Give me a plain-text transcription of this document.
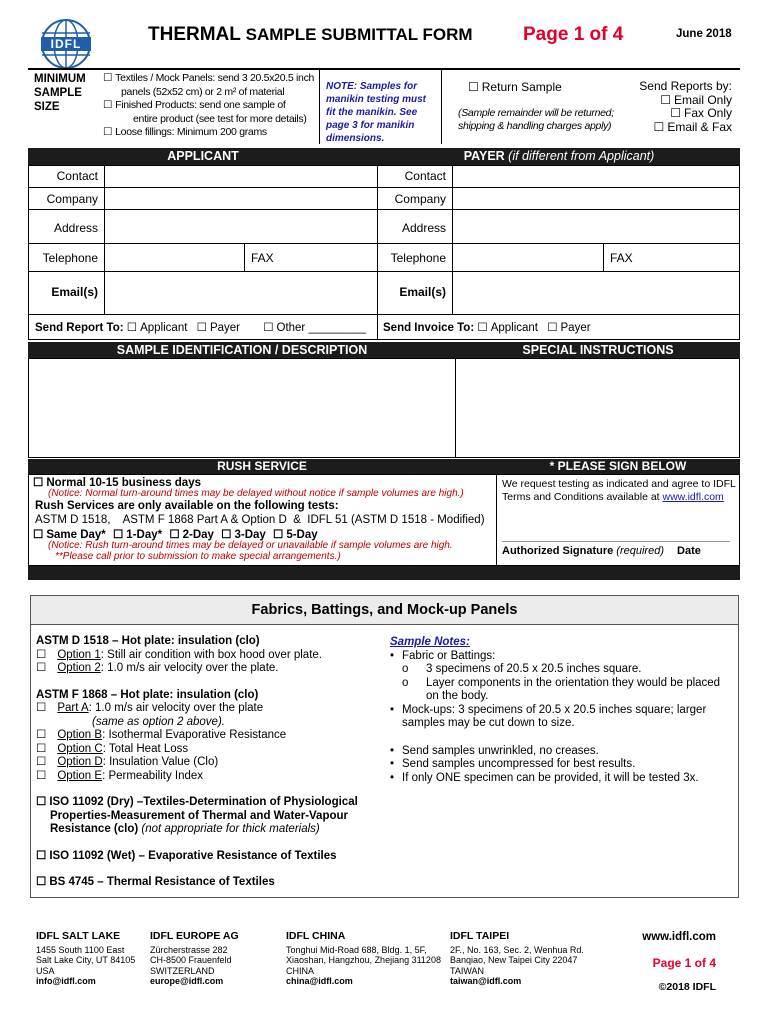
IDFL	THERMAL SAMPLE SUBMITTAL FORM	Page 1 of 4	June 2018
MINIMUM
SAMPLE
SIZE
☐ Textiles / Mock Panels: send 3 20.5x20.5 inch
panels (52x52 cm) or 2 m² of material
☐ Finished Products: send one sample of
entire product (see test for more details)
☐ Loose fillings: Minimum 200 grams
NOTE: Samples for manikin testing must fit the manikin. See page 3 for manikin dimensions.
☐ Return Sample
(Sample remainder will be returned; shipping & handling charges apply)
Send Reports by:
☐ Email Only
☐ Fax Only
☐ Email & Fax
APPLICANT	PAYER (if different from Applicant)
Contact
Company
Address
Telephone	FAX
Email(s)
Send Report To: ☐ Applicant ☐ Payer ☐	Other _________
Contact
Company
Address
Telephone	FAX
Email(s)
Send Invoice To: ☐ Applicant ☐ Payer
SAMPLE IDENTIFICATION / DESCRIPTION	SPECIAL INSTRUCTIONS
RUSH SERVICE	* PLEASE SIGN BELOW
☐ Normal 10-15 business days
(Notice: Normal turn-around times may be delayed without notice if sample volumes are high.)
Rush Services are only available on the following tests:
ASTM D 1518,    ASTM F 1868 Part A & Option D  &  IDFL 51 (ASTM D 1518 - Modified)
☐ Same Day* ☐ 1-Day* ☐ 2-Day ☐ 3-Day ☐ 5-Day
(Notice: Rush turn-around times may be delayed or unavailable if sample volumes are high.
**Please call prior to submission to make special arrangements.)
We request testing as indicated and agree to IDFL
Terms and Conditions available at www.idfl.com
Authorized Signature (required) Date
Fabrics, Battings, and Mock-up Panels
ASTM D 1518 – Hot plate: insulation (clo)
☐ Option 1: Still air condition with box hood over plate.
☐ Option 2: 1.0 m/s air velocity over the plate.
ASTM F 1868 – Hot plate: insulation (clo)
☐ Part A: 1.0 m/s air velocity over the plate
(same as option 2 above).
☐ Option B: Isothermal Evaporative Resistance
☐ Option C: Total Heat Loss
☐ Option D: Insulation Value (Clo)
☐ Option E: Permeability Index
☐ ISO 11092 (Dry) –Textiles-Determination of Physiological
Properties-Measurement of Thermal and Water-Vapour
Resistance (clo) (not appropriate for thick materials)
☐ ISO 11092 (Wet) – Evaporative Resistance of Textiles
☐ BS 4745 – Thermal Resistance of Textiles
Sample Notes:
• Fabric or Battings:
o	3 specimens of 20.5 x 20.5 inches square.
o	Layer components in the orientation they would be placed on the body.
• Mock-ups: 3 specimens of 20.5 x 20.5 inches square; larger samples may be cut down to size.
• Send samples unwrinkled, no creases.
• Send samples uncompressed for best results.
• If only ONE specimen can be provided, it will be tested 3x.
IDFL SALT LAKE
1455 South 1100 East
Salt Lake City, UT 84105
USA
info@idfl.com
IDFL EUROPE AG
Zürcherstrasse 282
CH-8500 Frauenfeld
SWITZERLAND
europe@idfl.com
IDFL CHINA
Tonghui Mid-Road 688, Bldg. 1, 5F,
Xiaoshan, Hangzhou, Zhejiang 311208
CHINA
china@idfl.com
IDFL TAIPEI
2F., No. 163, Sec. 2, Wenhua Rd.
Banqiao, New Taipei City 22047
TAIWAN
taiwan@idfl.com
www.idfl.com
Page 1 of 4
©2018 IDFL
